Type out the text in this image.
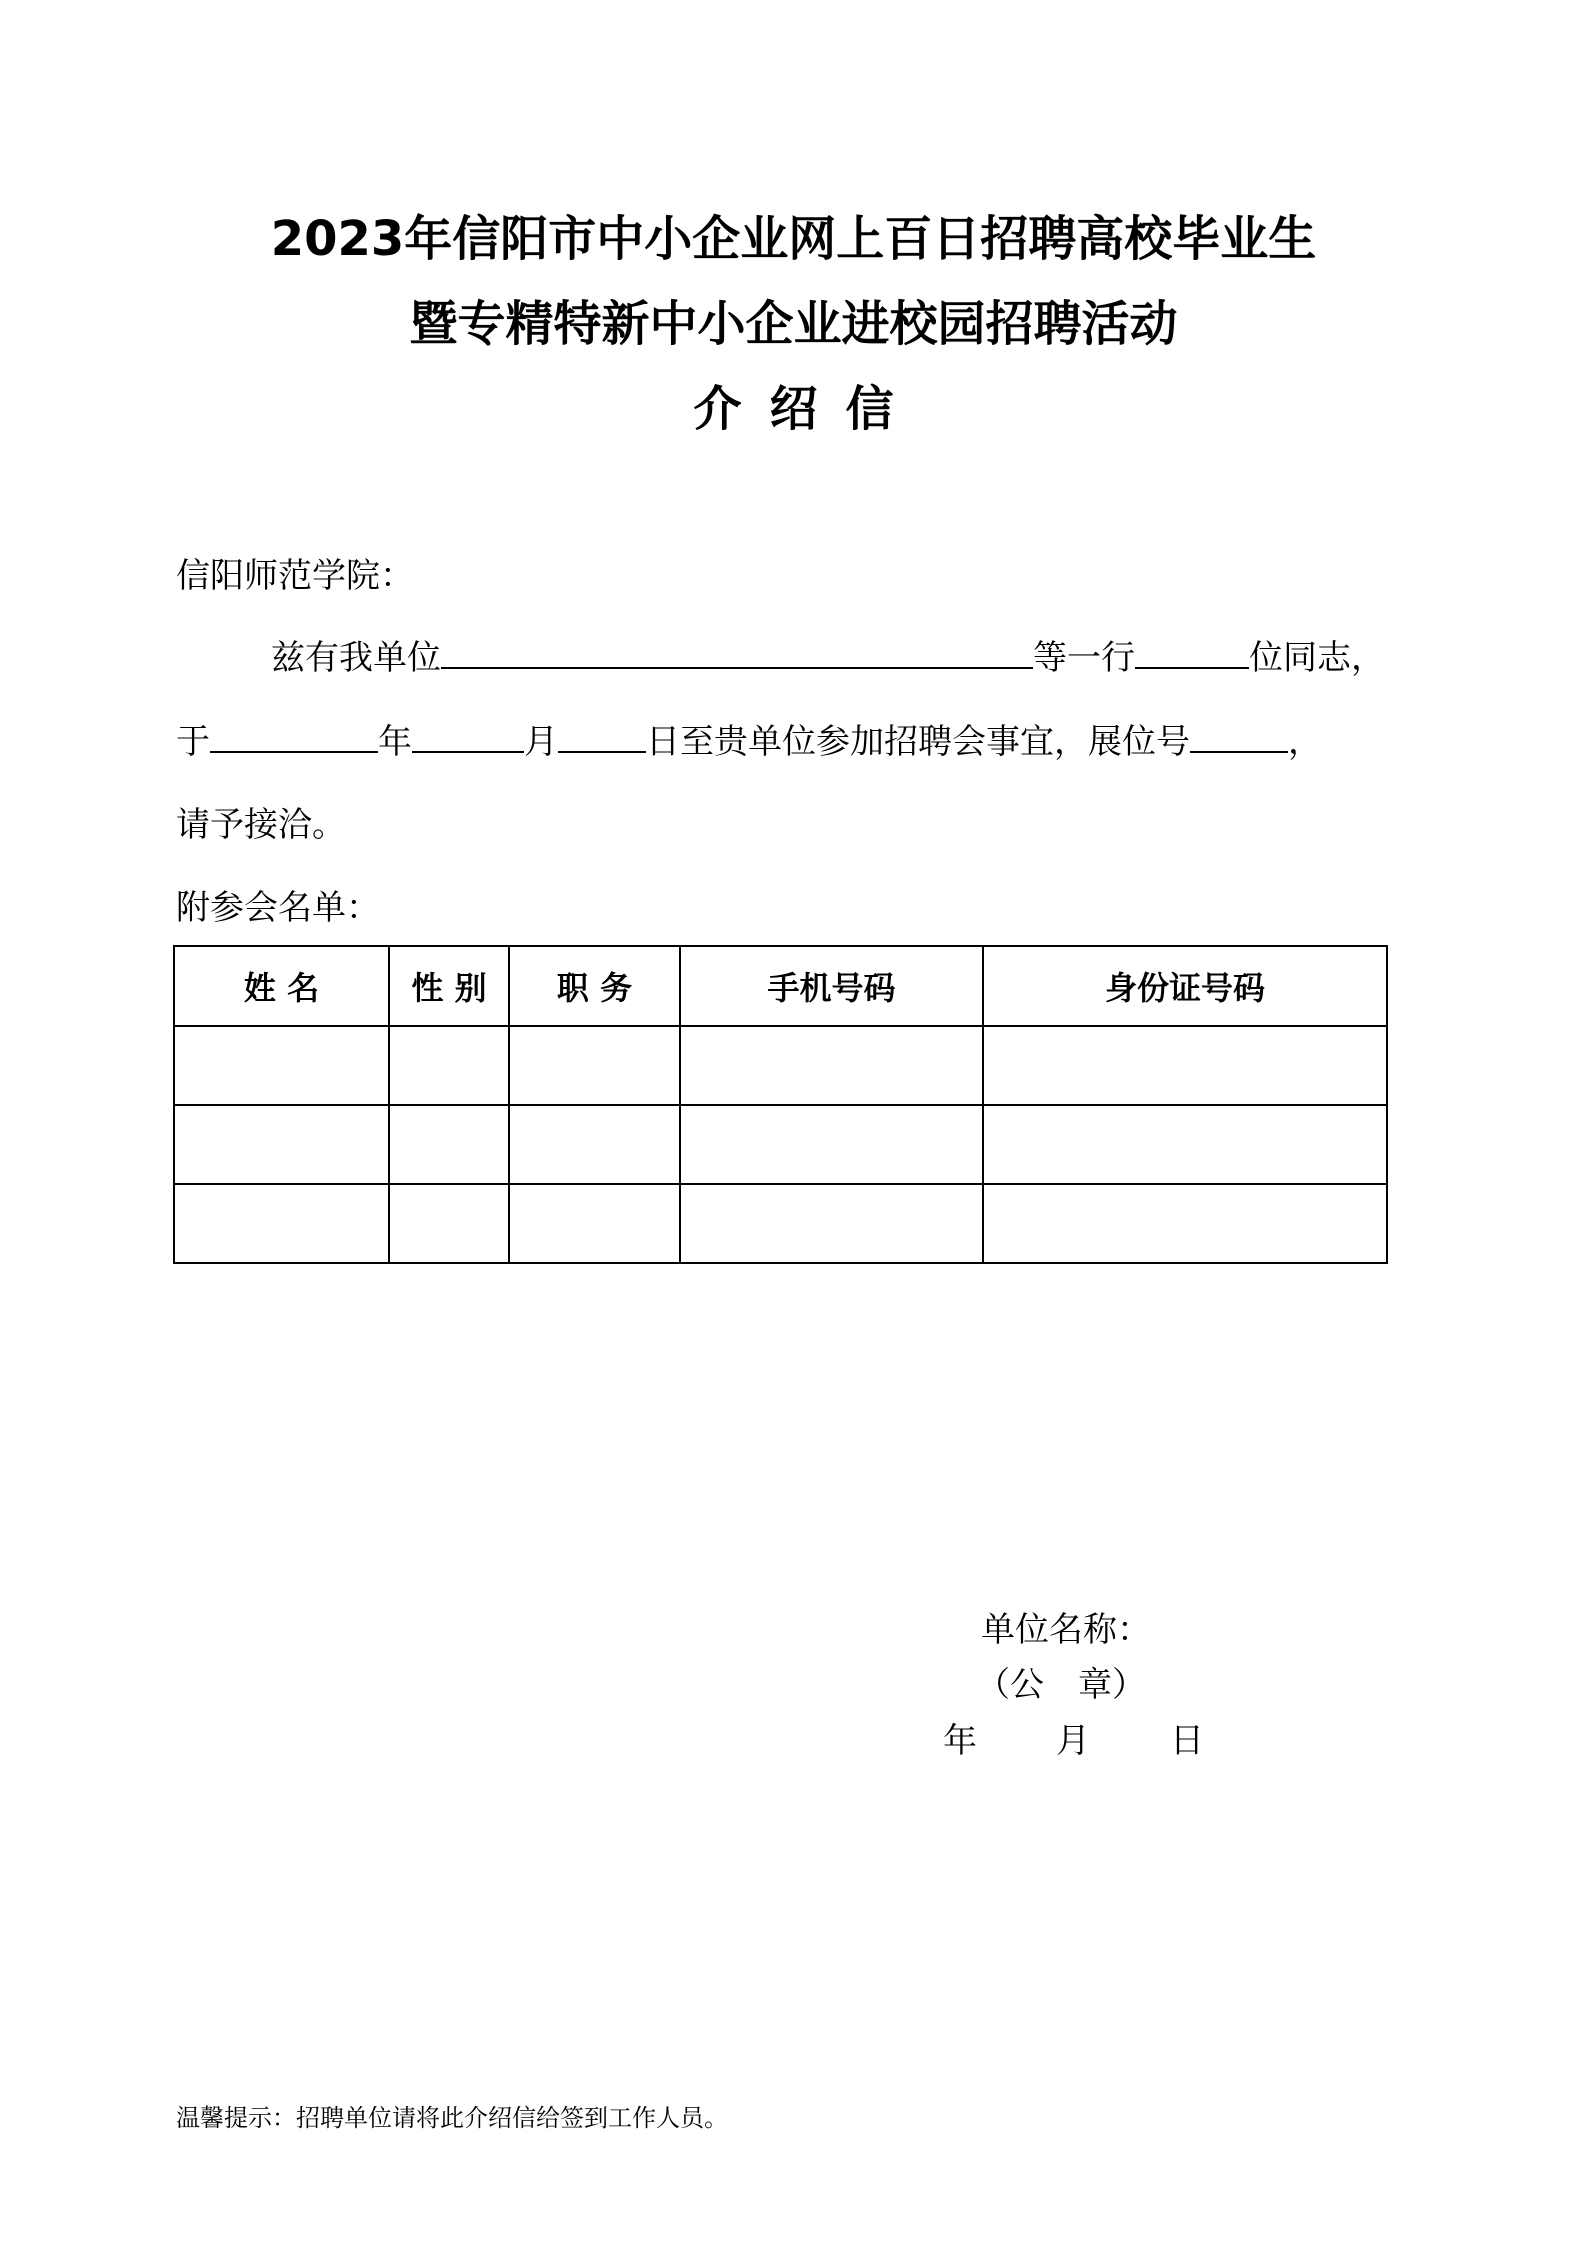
2023年信阳市中小企业网上百日招聘高校毕业生
暨专精特新中小企业进校园招聘活动
介绍信
信阳师范学院：
兹有我单位	等一行	位同志，
于	年	月	日至贵单位参加招聘会事宜，展位号	，
请予接洽。
附参会名单：
姓 名	性 别	职 务	手机号码	身份证号码

单位名称：
（公　章）
年 月 日
温馨提示：招聘单位请将此介绍信给签到工作人员。
